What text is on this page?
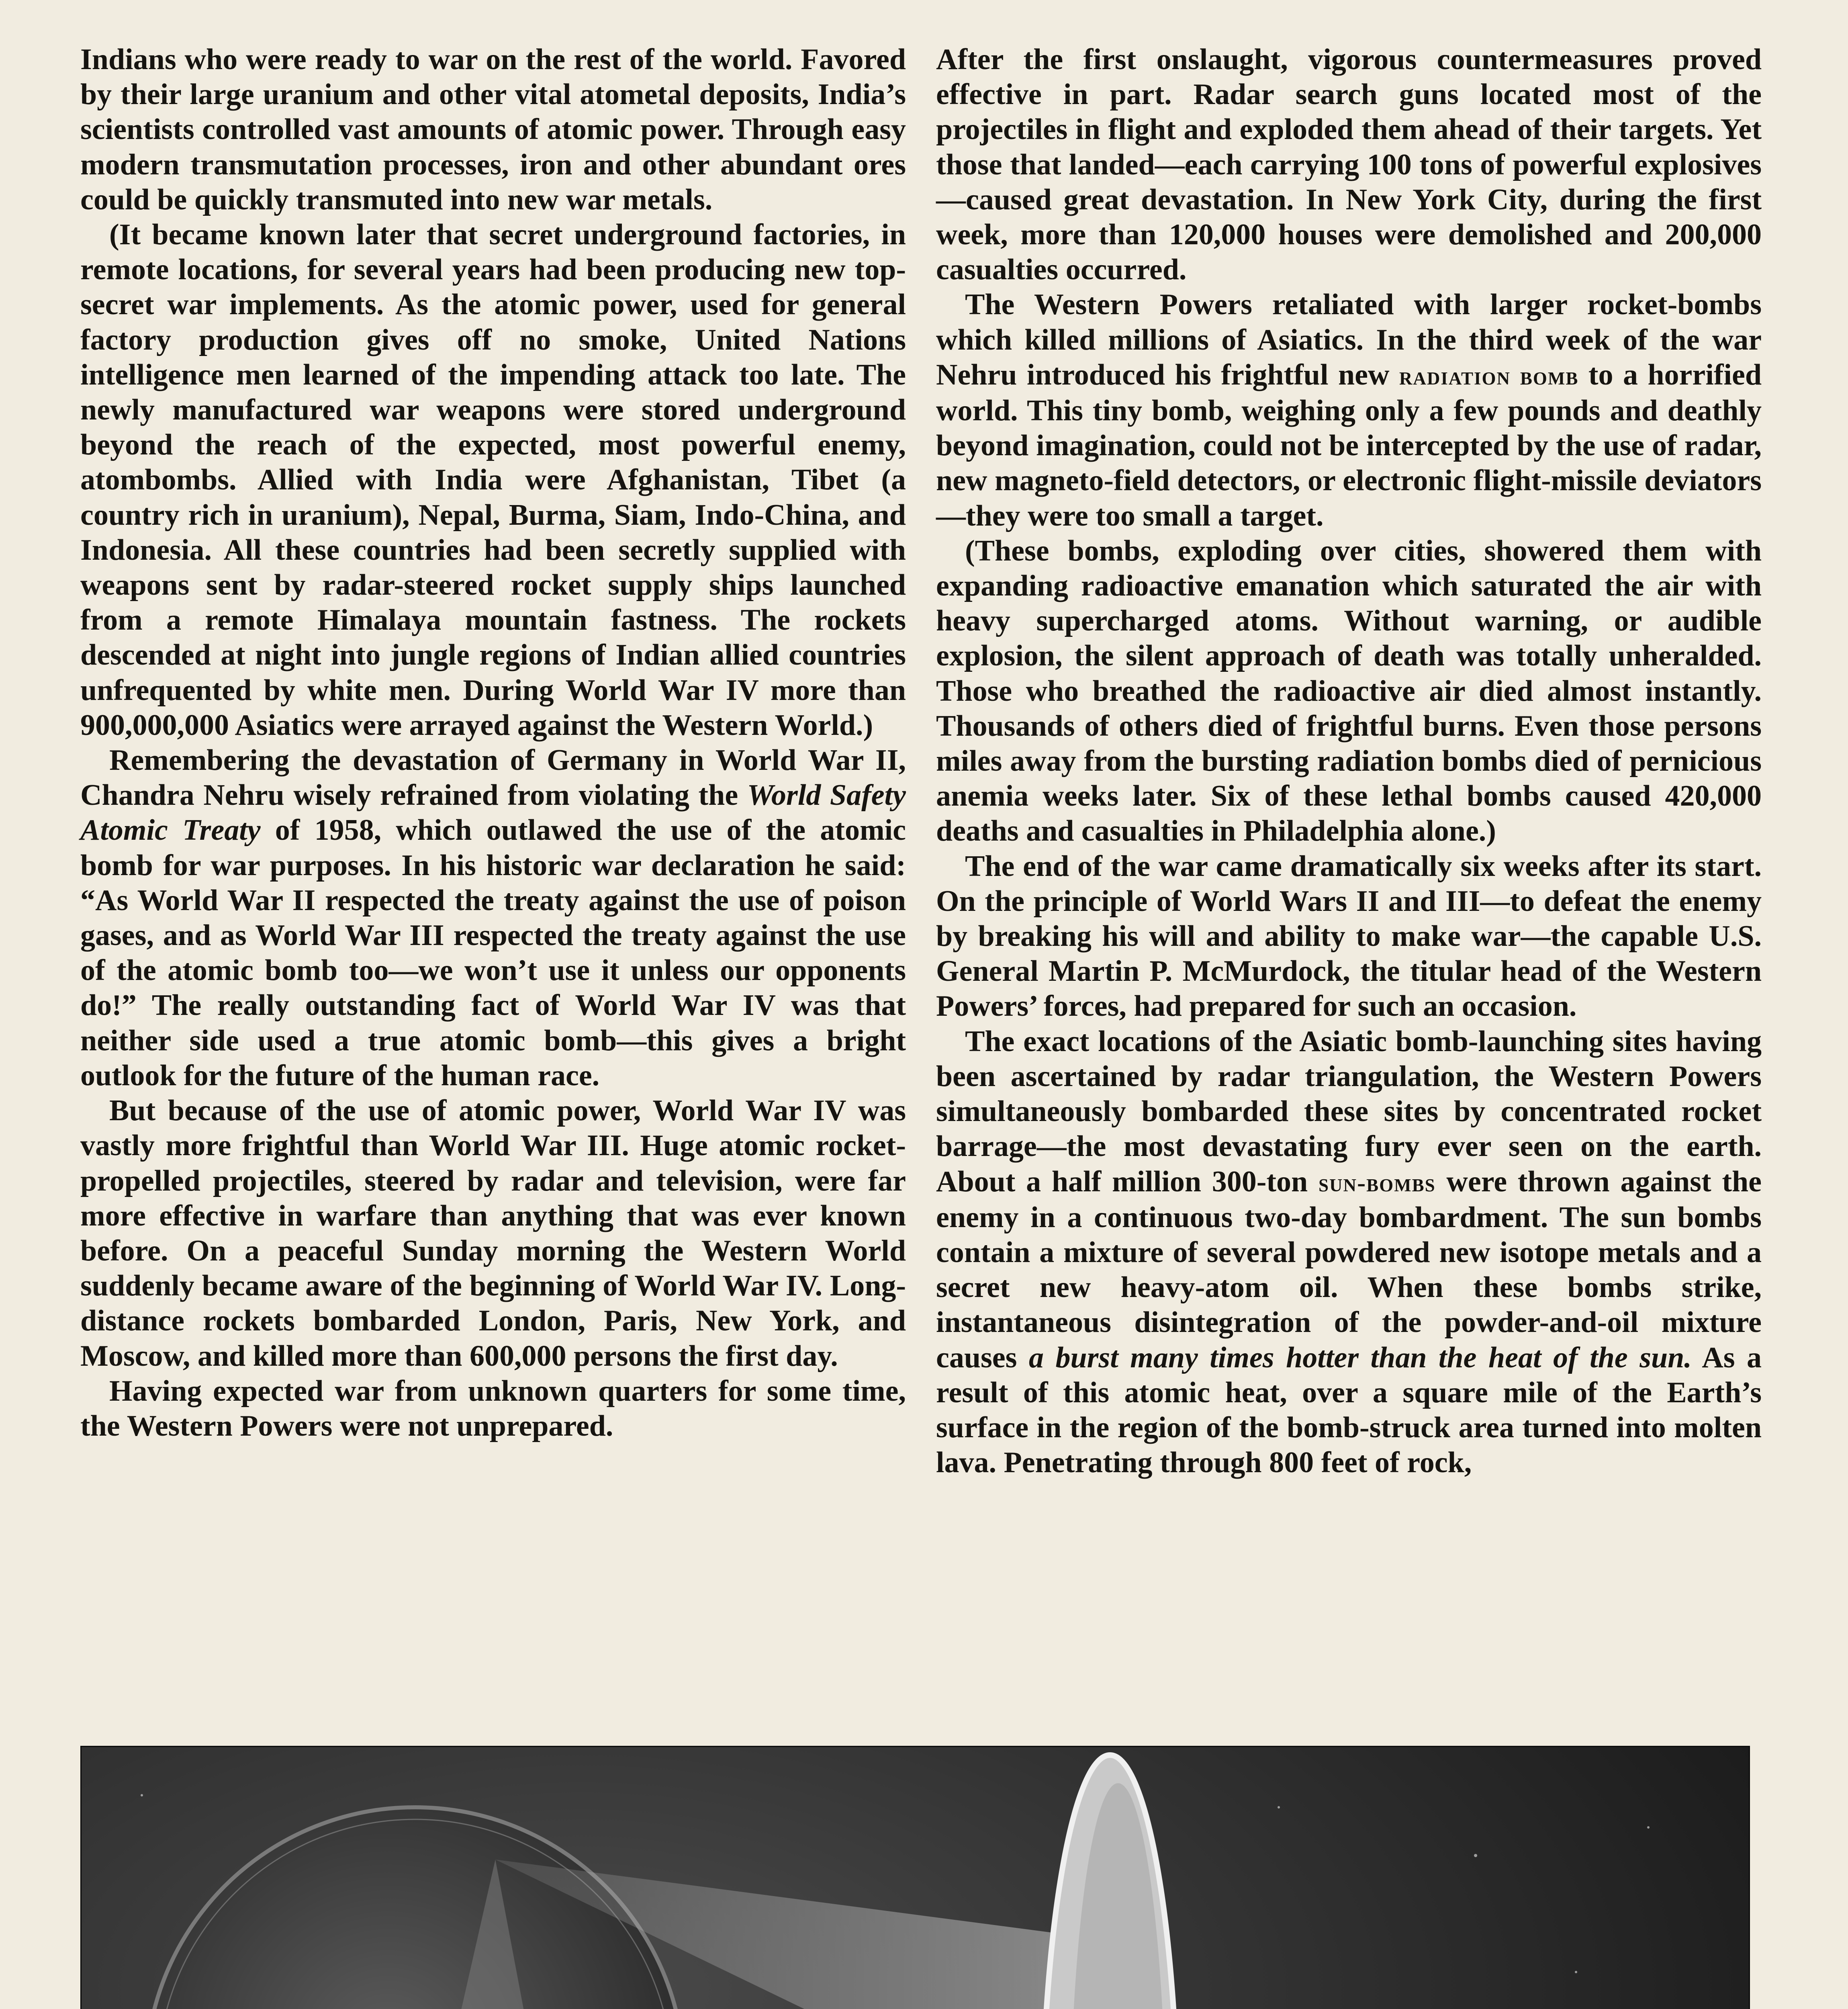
Indians who were ready to war on the rest of the world. Favored by their large uranium and other vital atometal deposits, India’s scientists controlled vast amounts of atomic power. Through easy modern transmutation processes, iron and other abundant ores could be quickly transmuted into new war metals.

(It became known later that secret underground factories, in remote locations, for several years had been producing new top-secret war implements. As the atomic power, used for general factory production gives off no smoke, United Nations intelligence men learned of the impending attack too late. The newly manufactured war weapons were stored underground beyond the reach of the expected, most powerful enemy, atombombs. Allied with India were Afghanistan, Tibet (a country rich in uranium), Nepal, Burma, Siam, Indo-China, and Indonesia. All these countries had been secretly supplied with weapons sent by radar-steered rocket supply ships launched from a remote Himalaya mountain fastness. The rockets descended at night into jungle regions of Indian allied countries unfrequented by white men. During World War IV more than 900,000,000 Asiatics were arrayed against the Western World.)

Remembering the devastation of Germany in World War II, Chandra Nehru wisely refrained from violating the World Safety Atomic Treaty of 1958, which outlawed the use of the atomic bomb for war purposes. In his historic war declaration he said: “As World War II respected the treaty against the use of poison gases, and as World War III respected the treaty against the use of the atomic bomb too—we won’t use it unless our opponents do!” The really outstanding fact of World War IV was that neither side used a true atomic bomb—this gives a bright outlook for the future of the human race.

But because of the use of atomic power, World War IV was vastly more frightful than World War III. Huge atomic rocket-propelled projectiles, steered by radar and television, were far more effective in warfare than anything that was ever known before. On a peaceful Sunday morning the Western World suddenly became aware of the beginning of World War IV. Long-distance rockets bombarded London, Paris, New York, and Moscow, and killed more than 600,000 persons the first day.

Having expected war from unknown quarters for some time, the Western Powers were not unprepared.

After the first onslaught, vigorous countermeasures proved effective in part. Radar search guns located most of the projectiles in flight and exploded them ahead of their targets. Yet those that landed—each carrying 100 tons of powerful explosives—caused great devastation. In New York City, during the first week, more than 120,000 houses were demolished and 200,000 casualties occurred.

The Western Powers retaliated with larger rocket-bombs which killed millions of Asiatics. In the third week of the war Nehru introduced his frightful new radiation bomb to a horrified world. This tiny bomb, weighing only a few pounds and deathly beyond imagination, could not be intercepted by the use of radar, new magneto-field detectors, or electronic flight-missile deviators—they were too small a target.

(These bombs, exploding over cities, showered them with expanding radioactive emanation which saturated the air with heavy supercharged atoms. Without warning, or audible explosion, the silent approach of death was totally unheralded. Those who breathed the radioactive air died almost instantly. Thousands of others died of frightful burns. Even those persons miles away from the bursting radiation bombs died of pernicious anemia weeks later. Six of these lethal bombs caused 420,000 deaths and casualties in Philadelphia alone.)

The end of the war came dramatically six weeks after its start. On the principle of World Wars II and III—to defeat the enemy by breaking his will and ability to make war—the capable U.S. General Martin P. McMurdock, the titular head of the Western Powers’ forces, had prepared for such an occasion.

The exact locations of the Asiatic bomb-launching sites having been ascertained by radar triangulation, the Western Powers simultaneously bombarded these sites by concentrated rocket barrage—the most devastating fury ever seen on the earth. About a half million 300-ton sun-bombs were thrown against the enemy in a continuous two-day bombardment. The sun bombs contain a mixture of several powdered new isotope metals and a secret new heavy-atom oil. When these bombs strike, instantaneous disintegration of the powder-and-oil mixture causes a burst many times hotter than the heat of the sun. As a result of this atomic heat, over a square mile of the Earth’s surface in the region of the bomb-struck area turned into molten lava. Penetrating through 800 feet of rock,
